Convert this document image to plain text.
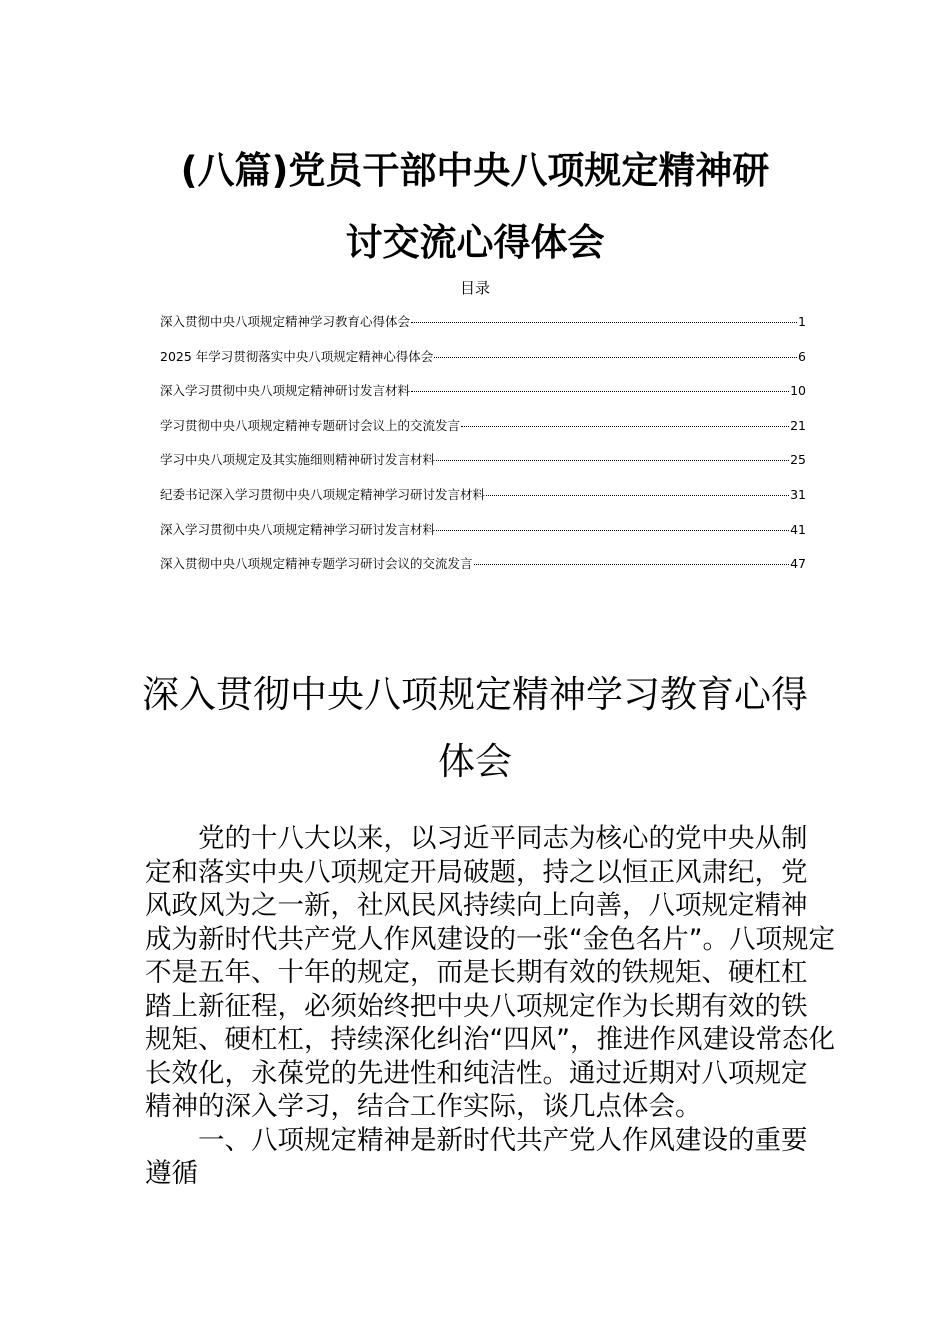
(八篇)党员干部中央八项规定精神研
讨交流心得体会
目录
深入贯彻中央八项规定精神学习教育心得体会	1
2025 年学习贯彻落实中央八项规定精神心得体会	6
深入学习贯彻中央八项规定精神研讨发言材料	10
学习贯彻中央八项规定精神专题研讨会议上的交流发言	21
学习中央八项规定及其实施细则精神研讨发言材料	25
纪委书记深入学习贯彻中央八项规定精神学习研讨发言材料	31
深入学习贯彻中央八项规定精神学习研讨发言材料	41
深入贯彻中央八项规定精神专题学习研讨会议的交流发言	47
深入贯彻中央八项规定精神学习教育心得
体会
　　党的十八大以来，以习近平同志为核心的党中央从制
定和落实中央八项规定开局破题，持之以恒正风肃纪，党
风政风为之一新，社风民风持续向上向善，八项规定精神
成为新时代共产党人作风建设的一张“金色名片”。八项规定
不是五年、十年的规定，而是长期有效的铁规矩、硬杠杠
踏上新征程，必须始终把中央八项规定作为长期有效的铁
规矩、硬杠杠，持续深化纠治“四风”，推进作风建设常态化
长效化，永葆党的先进性和纯洁性。通过近期对八项规定
精神的深入学习，结合工作实际，谈几点体会。
　　一、八项规定精神是新时代共产党人作风建设的重要
遵循
